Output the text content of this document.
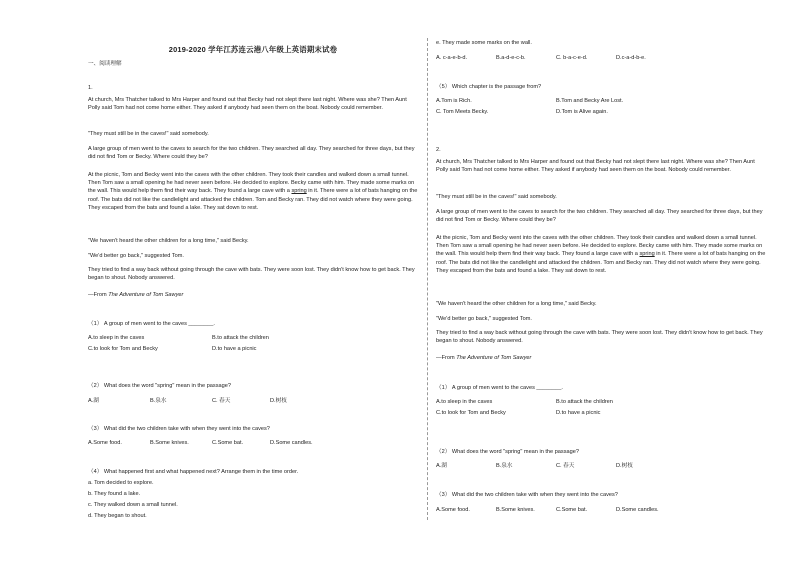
2019-2020 学年江苏连云港八年级上英语期末试卷
一、阅读理解
1.

At church, Mrs Thatcher talked to Mrs Harper and found out that Becky had not slept there last night. Where was she? Then Aunt Polly said Tom had not come home either. They asked if anybody had seen them on the boat. Nobody could remember.

"They must still be in the caves!" said somebody.

A large group of men went to the caves to search for the two children. They searched all day. They searched for three days, but they did not find Tom or Becky. Where could they be?

At the picnic, Tom and Becky went into the caves with the other children. They took their candles and walked down a small tunnel. Then Tom saw a small opening he had never seen before. He decided to explore. Becky came with him. They made some marks on the wall. This would help them find their way back. They found a large cave with a spring in it. There were a lot of bats hanging on the roof. The bats did not like the candlelight and attacked the children. Tom and Becky ran. They did not watch where they were going. They escaped from the bats and found a lake. They sat down to rest.

"We haven't heard the other children for a long time," said Becky.

"We'd better go back," suggested Tom.

They tried to find a way back without going through the cave with bats. They were soon lost. They didn't know how to get back. They began to shout. Nobody answered.

—From The Adventure of Tom Sawyer

（1） A group of men went to the caves ________.
A.to sleep in the caves	B.to attack the children
C.to look for Tom and Becky	D.to have a picnic
（2） What does the word "spring" mean in the passage?
A.湖	B.泉水	C. 春天	D.树枝
（3） What did the two children take with when they went into the caves?
A.Some food.	B.Some knives.	C.Some bat.	D.Some candles.
（4） What happened first and what happened next? Arrange them in the time order.
a. Tom decided to explore.
b. They found a lake.
c. They walked down a small tunnel.
d. They began to shout.
e. They made some marks on the wall.
A. c-a-e-b-d.	B.a-d-e-c-b.	C. b-a-c-e-d.	D.c-a-d-b-e.
（5） Which chapter is the passage from?
A.Tom is Rich.	B.Tom and Becky Are Lost.
C. Tom Meets Becky.	D.Tom is Alive again.
2.

At church, Mrs Thatcher talked to Mrs Harper and found out that Becky had not slept there last night. Where was she? Then Aunt Polly said Tom had not come home either. They asked if anybody had seen them on the boat. Nobody could remember.

"They must still be in the caves!" said somebody.

A large group of men went to the caves to search for the two children. They searched all day. They searched for three days, but they did not find Tom or Becky. Where could they be?

At the picnic, Tom and Becky went into the caves with the other children. They took their candles and walked down a small tunnel. Then Tom saw a small opening he had never seen before. He decided to explore. Becky came with him. They made some marks on the wall. This would help them find their way back. They found a large cave with a spring in it. There were a lot of bats hanging on the roof. The bats did not like the candlelight and attacked the children. Tom and Becky ran. They did not watch where they were going. They escaped from the bats and found a lake. They sat down to rest.

"We haven't heard the other children for a long time," said Becky.

"We'd better go back," suggested Tom.

They tried to find a way back without going through the cave with bats. They were soon lost. They didn't know how to get back. They began to shout. Nobody answered.

—From The Adventure of Tom Sawyer

（1） A group of men went to the caves ________.
A.to sleep in the caves	B.to attack the children
C.to look for Tom and Becky	D.to have a picnic
（2） What does the word "spring" mean in the passage?
A.湖	B.泉水	C. 春天	D.树枝
（3） What did the two children take with when they went into the caves?
A.Some food.	B.Some knives.	C.Some bat.	D.Some candles.
